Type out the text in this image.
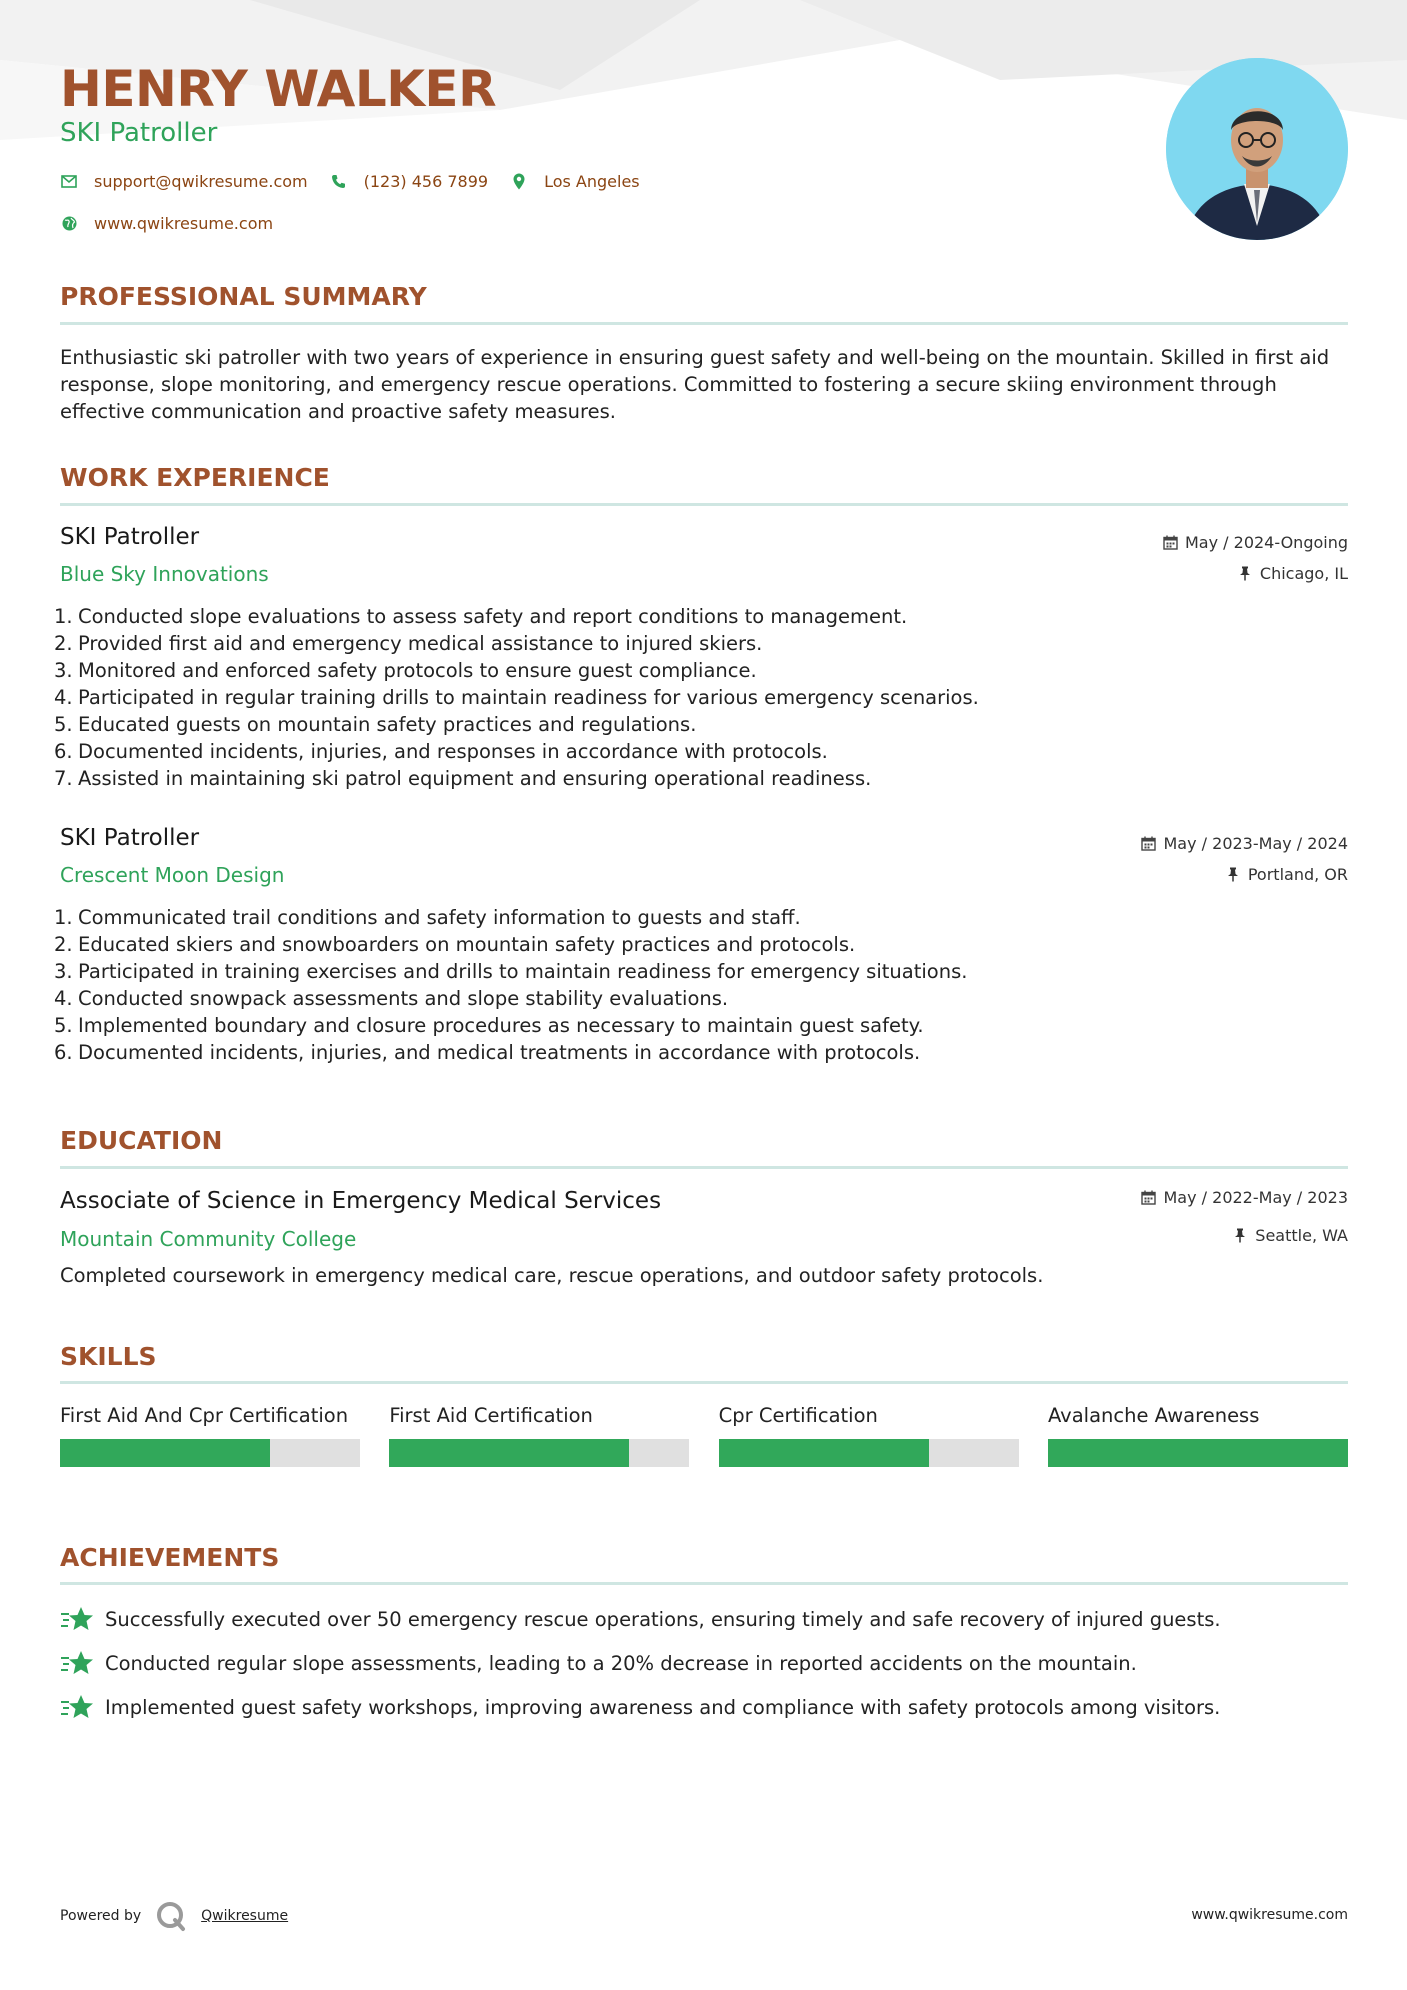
HENRY WALKER
SKI Patroller
support@qwikresume.com	(123) 456 7899	Los Angeles
www.qwikresume.com
PROFESSIONAL SUMMARY
Enthusiastic ski patroller with two years of experience in ensuring guest safety and well-being on the mountain. Skilled in first aid response, slope monitoring, and emergency rescue operations. Committed to fostering a secure skiing environment through effective communication and proactive safety measures.
WORK EXPERIENCE
SKI Patroller
Blue Sky Innovations
May / 2024-Ongoing
Chicago, IL
1. Conducted slope evaluations to assess safety and report conditions to management.
2. Provided first aid and emergency medical assistance to injured skiers.
3. Monitored and enforced safety protocols to ensure guest compliance.
4. Participated in regular training drills to maintain readiness for various emergency scenarios.
5. Educated guests on mountain safety practices and regulations.
6. Documented incidents, injuries, and responses in accordance with protocols.
7. Assisted in maintaining ski patrol equipment and ensuring operational readiness.
SKI Patroller
Crescent Moon Design
May / 2023-May / 2024
Portland, OR
1. Communicated trail conditions and safety information to guests and staff.
2. Educated skiers and snowboarders on mountain safety practices and protocols.
3. Participated in training exercises and drills to maintain readiness for emergency situations.
4. Conducted snowpack assessments and slope stability evaluations.
5. Implemented boundary and closure procedures as necessary to maintain guest safety.
6. Documented incidents, injuries, and medical treatments in accordance with protocols.
EDUCATION
Associate of Science in Emergency Medical Services
Mountain Community College
May / 2022-May / 2023
Seattle, WA
Completed coursework in emergency medical care, rescue operations, and outdoor safety protocols.
SKILLS
First Aid And Cpr Certification	First Aid Certification	Cpr Certification	Avalanche Awareness
ACHIEVEMENTS
Successfully executed over 50 emergency rescue operations, ensuring timely and safe recovery of injured guests.
Conducted regular slope assessments, leading to a 20% decrease in reported accidents on the mountain.
Implemented guest safety workshops, improving awareness and compliance with safety protocols among visitors.
Powered by	Qwikresume	www.qwikresume.com
